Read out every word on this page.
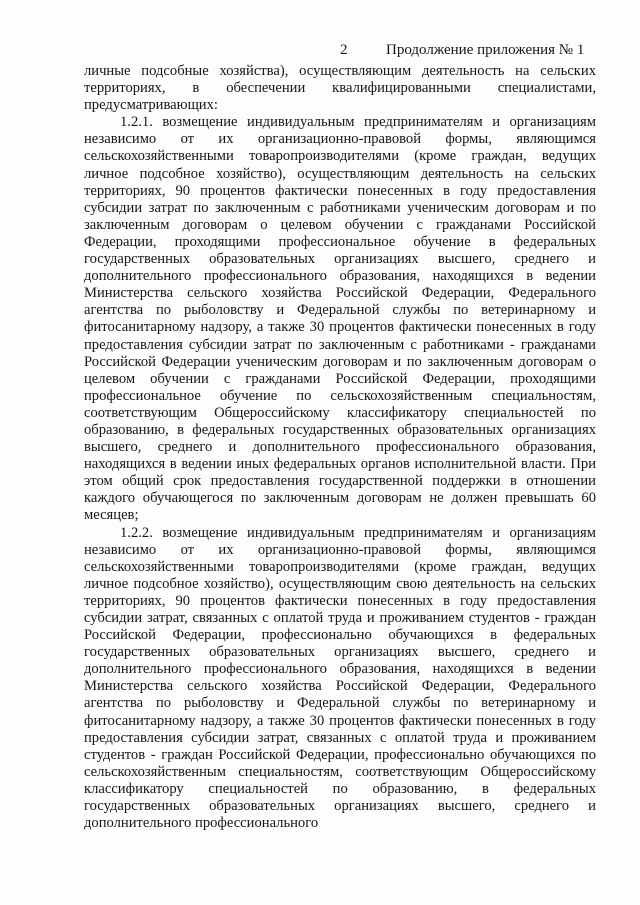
2	Продолжение приложения № 1

личные подсобные хозяйства), осуществляющим деятельность на сельских территориях, в обеспечении квалифицированными специалистами, предусматривающих:

1.2.1. возмещение индивидуальным предпринимателям и организациям независимо от их организационно-правовой формы, являющимся сельскохозяйственными товаропроизводителями (кроме граждан, ведущих личное подсобное хозяйство), осуществляющим деятельность на сельских территориях, 90 процентов фактически понесенных в году предоставления субсидии затрат по заключенным с работниками ученическим договорам и по заключенным договорам о целевом обучении с гражданами Российской Федерации, проходящими профессиональное обучение в федеральных государственных образовательных организациях высшего, среднего и дополнительного профессионального образования, находящихся в ведении Министерства сельского хозяйства Российской Федерации, Федерального агентства по рыболовству и Федеральной службы по ветеринарному и фитосанитарному надзору, а также 30 процентов фактически понесенных в году предоставления субсидии затрат по заключенным с работниками - гражданами Российской Федерации ученическим договорам и по заключенным договорам о целевом обучении с гражданами Российской Федерации, проходящими профессиональное обучение по сельскохозяйственным специальностям, соответствующим Общероссийскому классификатору специальностей по образованию, в федеральных государственных образовательных организациях высшего, среднего и дополнительного профессионального образования, находящихся в ведении иных федеральных органов исполнительной власти. При этом общий срок предоставления государственной поддержки в отношении каждого обучающегося по заключенным договорам не должен превышать 60 месяцев;

1.2.2. возмещение индивидуальным предпринимателям и организациям независимо от их организационно-правовой формы, являющимся сельскохозяйственными товаропроизводителями (кроме граждан, ведущих личное подсобное хозяйство), осуществляющим свою деятельность на сельских территориях, 90 процентов фактически понесенных в году предоставления субсидии затрат, связанных с оплатой труда и проживанием студентов - граждан Российской Федерации, профессионально обучающихся в федеральных государственных образовательных организациях высшего, среднего и дополнительного профессионального образования, находящихся в ведении Министерства сельского хозяйства Российской Федерации, Федерального агентства по рыболовству и Федеральной службы по ветеринарному и фитосанитарному надзору, а также 30 процентов фактически понесенных в году предоставления субсидии затрат, связанных с оплатой труда и проживанием студентов - граждан Российской Федерации, профессионально обучающихся по сельскохозяйственным специальностям, соответствующим Общероссийскому классификатору специальностей по образованию, в федеральных государственных образовательных организациях высшего, среднего и дополнительного профессионального
